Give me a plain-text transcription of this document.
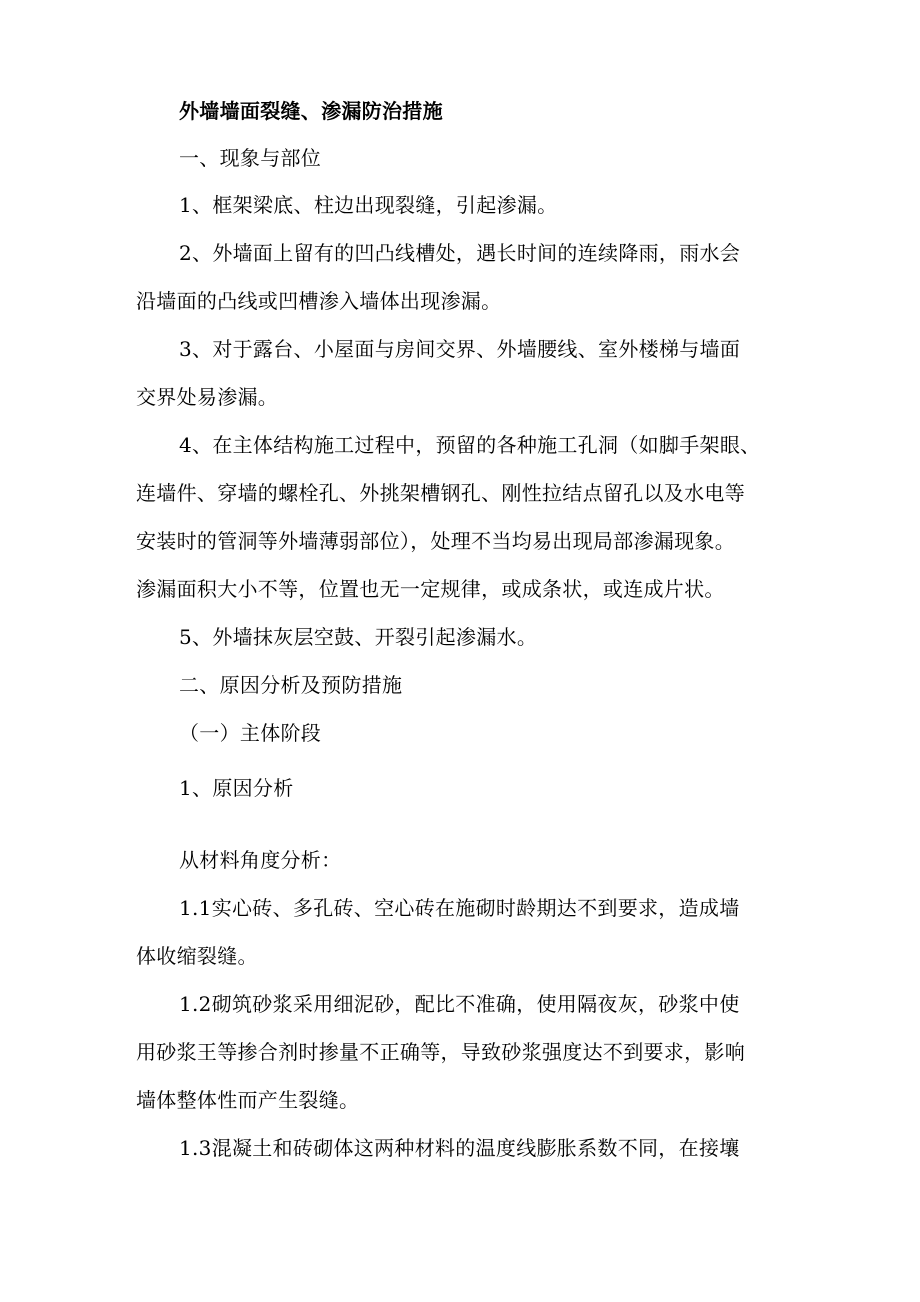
外墙墙面裂缝、渗漏防治措施
一、现象与部位
1、框架梁底、柱边出现裂缝，引起渗漏。
2、外墙面上留有的凹凸线槽处，遇长时间的连续降雨，雨水会
沿墙面的凸线或凹槽渗入墙体出现渗漏。
3、对于露台、小屋面与房间交界、外墙腰线、室外楼梯与墙面
交界处易渗漏。
4、在主体结构施工过程中，预留的各种施工孔洞（如脚手架眼、
连墙件、穿墙的螺栓孔、外挑架槽钢孔、刚性拉结点留孔以及水电等
安装时的管洞等外墙薄弱部位），处理不当均易出现局部渗漏现象。
渗漏面积大小不等，位置也无一定规律，或成条状，或连成片状。
5、外墙抹灰层空鼓、开裂引起渗漏水。
二、原因分析及预防措施
（一）主体阶段
1、原因分析
从材料角度分析：
1.1实心砖、多孔砖、空心砖在施砌时龄期达不到要求，造成墙
体收缩裂缝。
1.2砌筑砂浆采用细泥砂，配比不准确，使用隔夜灰，砂浆中使
用砂浆王等掺合剂时掺量不正确等，导致砂浆强度达不到要求，影响
墙体整体性而产生裂缝。
1.3混凝土和砖砌体这两种材料的温度线膨胀系数不同，在接壤
